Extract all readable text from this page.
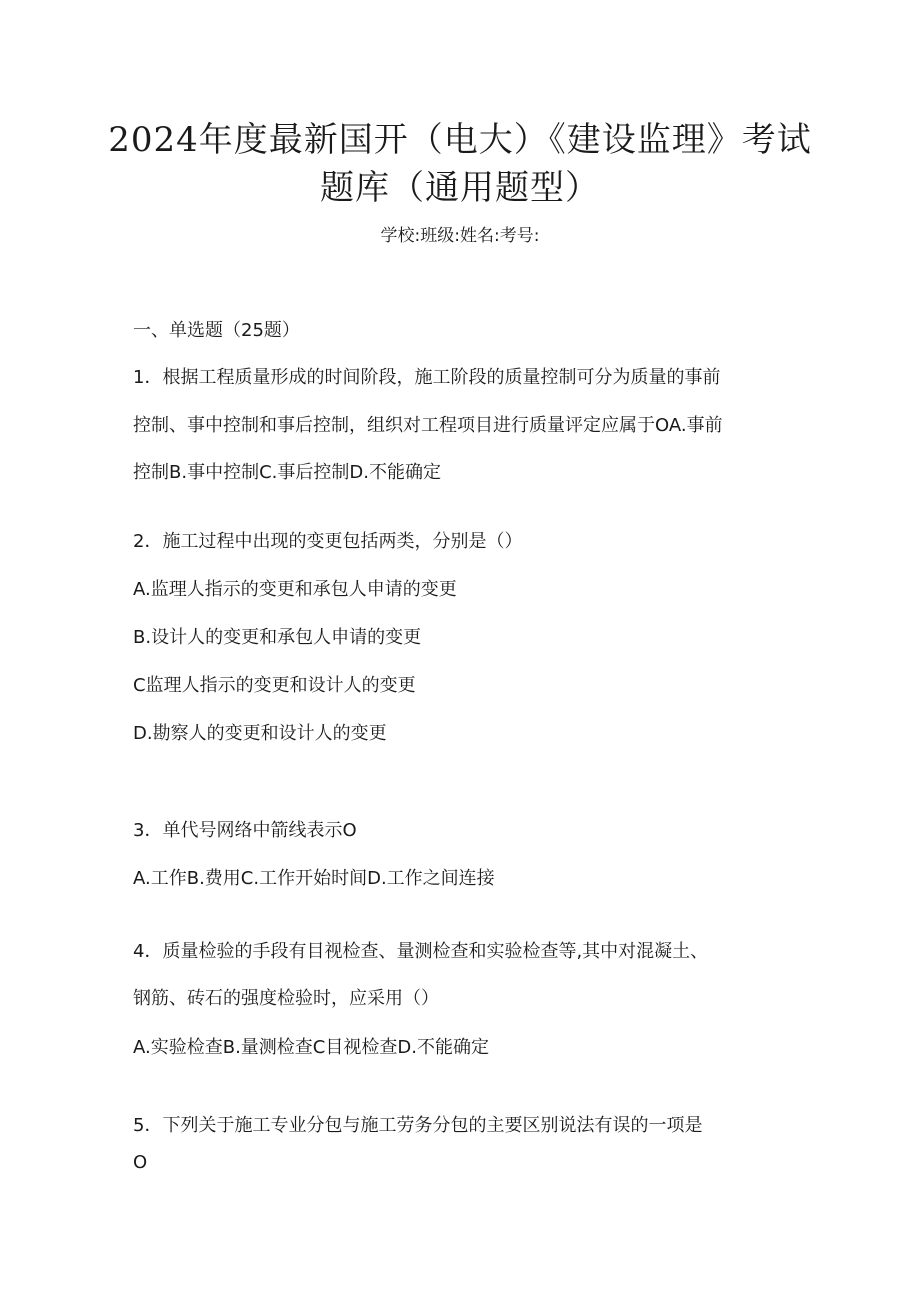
2024年度最新国开（电大）《建设监理》考试
题库（通用题型）
学校:班级:姓名:考号:
一、单选题（25题）
1．根据工程质量形成的时间阶段，施工阶段的质量控制可分为质量的事前
控制、事中控制和事后控制，组织对工程项目进行质量评定应属于OA.事前
控制B.事中控制C.事后控制D.不能确定
2．施工过程中出现的变更包括两类，分别是（）
A.监理人指示的变更和承包人申请的变更
B.设计人的变更和承包人申请的变更
C监理人指示的变更和设计人的变更
D.勘察人的变更和设计人的变更
3．单代号网络中箭线表示O
A.工作B.费用C.工作开始时间D.工作之间连接
4．质量检验的手段有目视检查、量测检查和实验检查等,其中对混凝土、
钢筋、砖石的强度检验时，应采用（）
A.实验检查B.量测检查C目视检查D.不能确定
5．下列关于施工专业分包与施工劳务分包的主要区别说法有误的一项是
O
